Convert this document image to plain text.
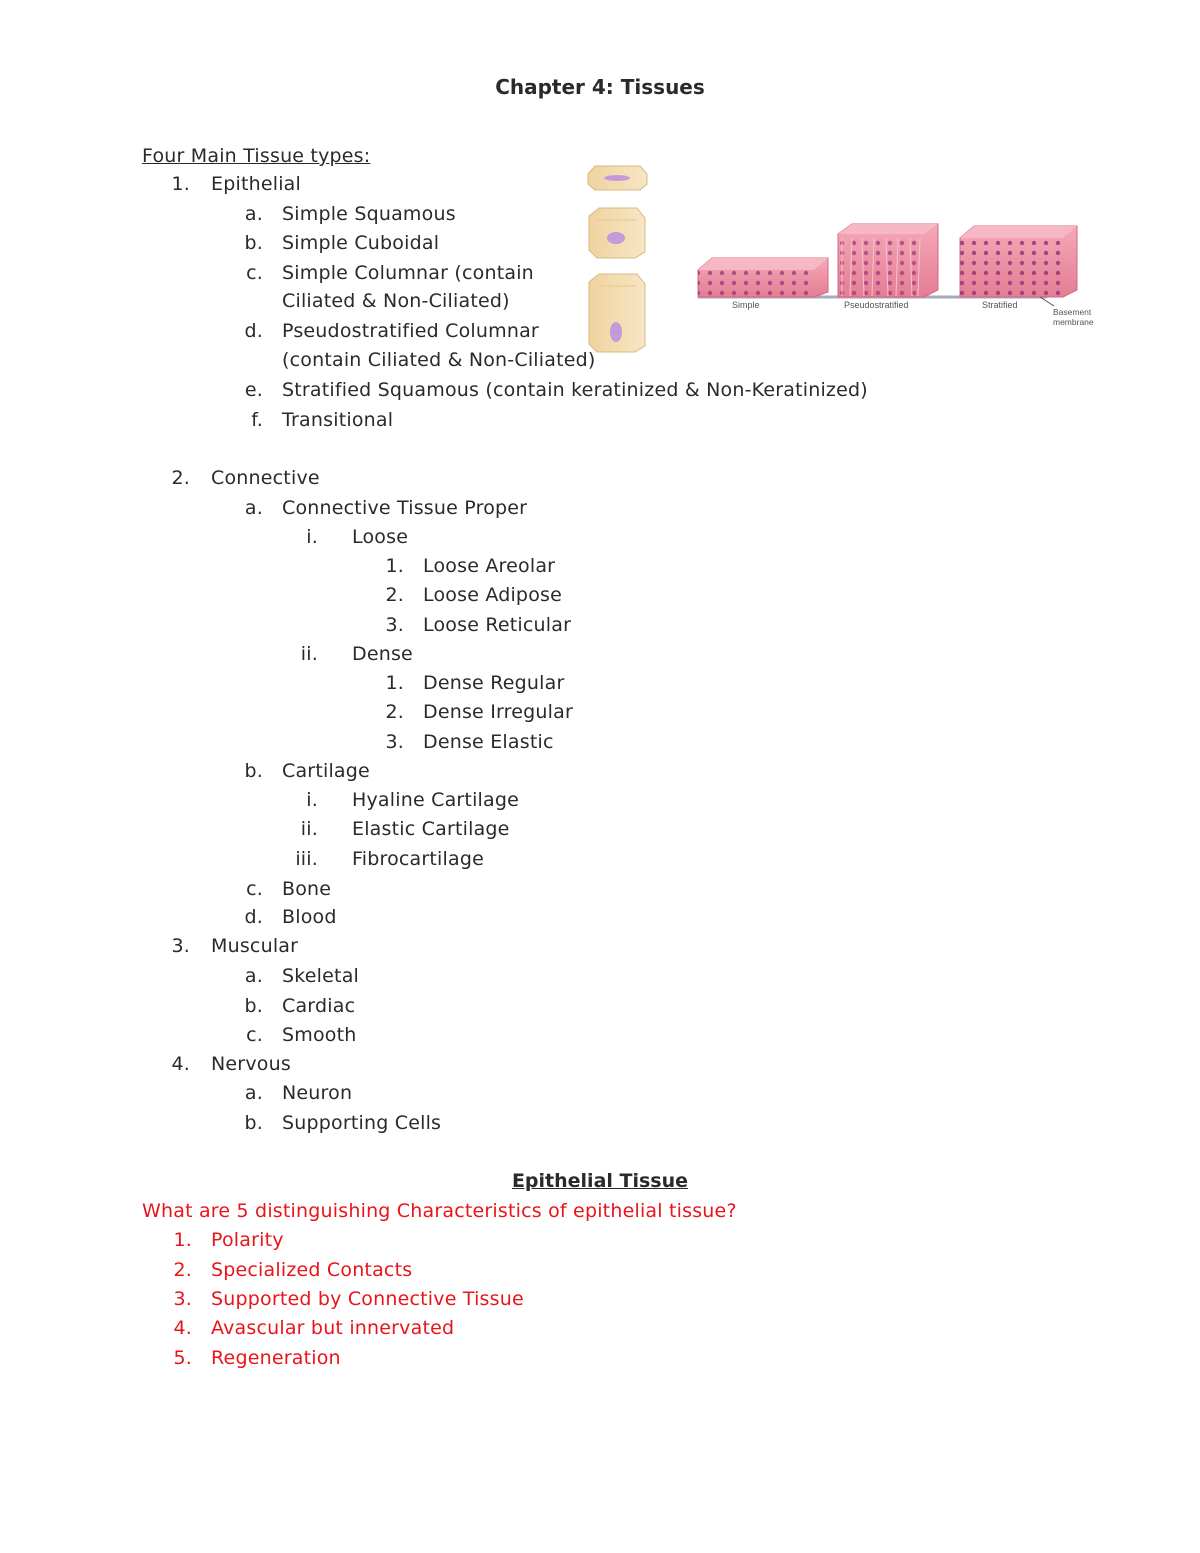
Chapter 4: Tissues
Four Main Tissue types:
1. Epithelial
a. Simple Squamous
b. Simple Cuboidal
c. Simple Columnar (contain
Ciliated & Non-Ciliated)
d. Pseudostratified Columnar
(contain Ciliated & Non-Ciliated)
e. Stratified Squamous (contain keratinized & Non-Keratinized)
f. Transitional
2. Connective
a. Connective Tissue Proper
i. Loose
1. Loose Areolar
2. Loose Adipose
3. Loose Reticular
ii. Dense
1. Dense Regular
2. Dense Irregular
3. Dense Elastic
b. Cartilage
i. Hyaline Cartilage
ii. Elastic Cartilage
iii. Fibrocartilage
c. Bone
d. Blood
3. Muscular
a. Skeletal
b. Cardiac
c. Smooth
4. Nervous
a. Neuron
b. Supporting Cells
Simple	Pseudostratified	Stratified
Basement
membrane
Epithelial Tissue
What are 5 distinguishing Characteristics of epithelial tissue?
1. Polarity
2. Specialized Contacts
3. Supported by Connective Tissue
4. Avascular but innervated
5. Regeneration
